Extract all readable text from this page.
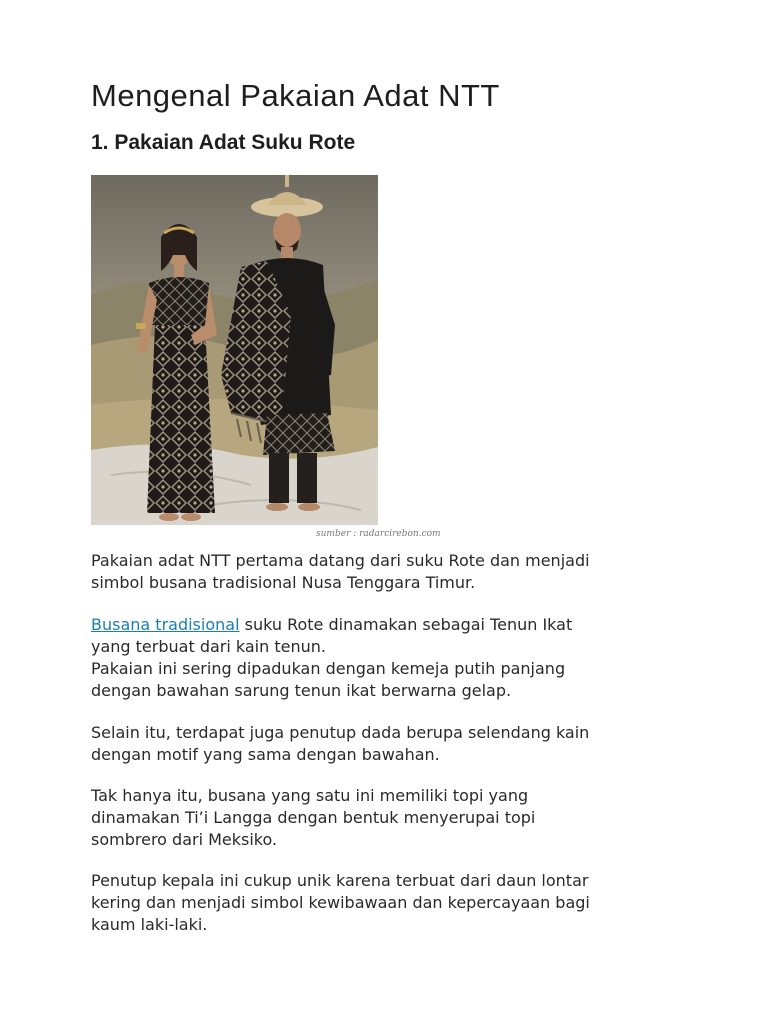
Mengenal Pakaian Adat NTT
1. Pakaian Adat Suku Rote

sumber : radarcirebon.com

Pakaian adat NTT pertama datang dari suku Rote dan menjadi
simbol busana tradisional Nusa Tenggara Timur.

Busana tradisional suku Rote dinamakan sebagai Tenun Ikat
yang terbuat dari kain tenun.
Pakaian ini sering dipadukan dengan kemeja putih panjang
dengan bawahan sarung tenun ikat berwarna gelap.

Selain itu, terdapat juga penutup dada berupa selendang kain
dengan motif yang sama dengan bawahan.

Tak hanya itu, busana yang satu ini memiliki topi yang
dinamakan Ti’i Langga dengan bentuk menyerupai topi
sombrero dari Meksiko.

Penutup kepala ini cukup unik karena terbuat dari daun lontar
kering dan menjadi simbol kewibawaan dan kepercayaan bagi
kaum laki-laki.
